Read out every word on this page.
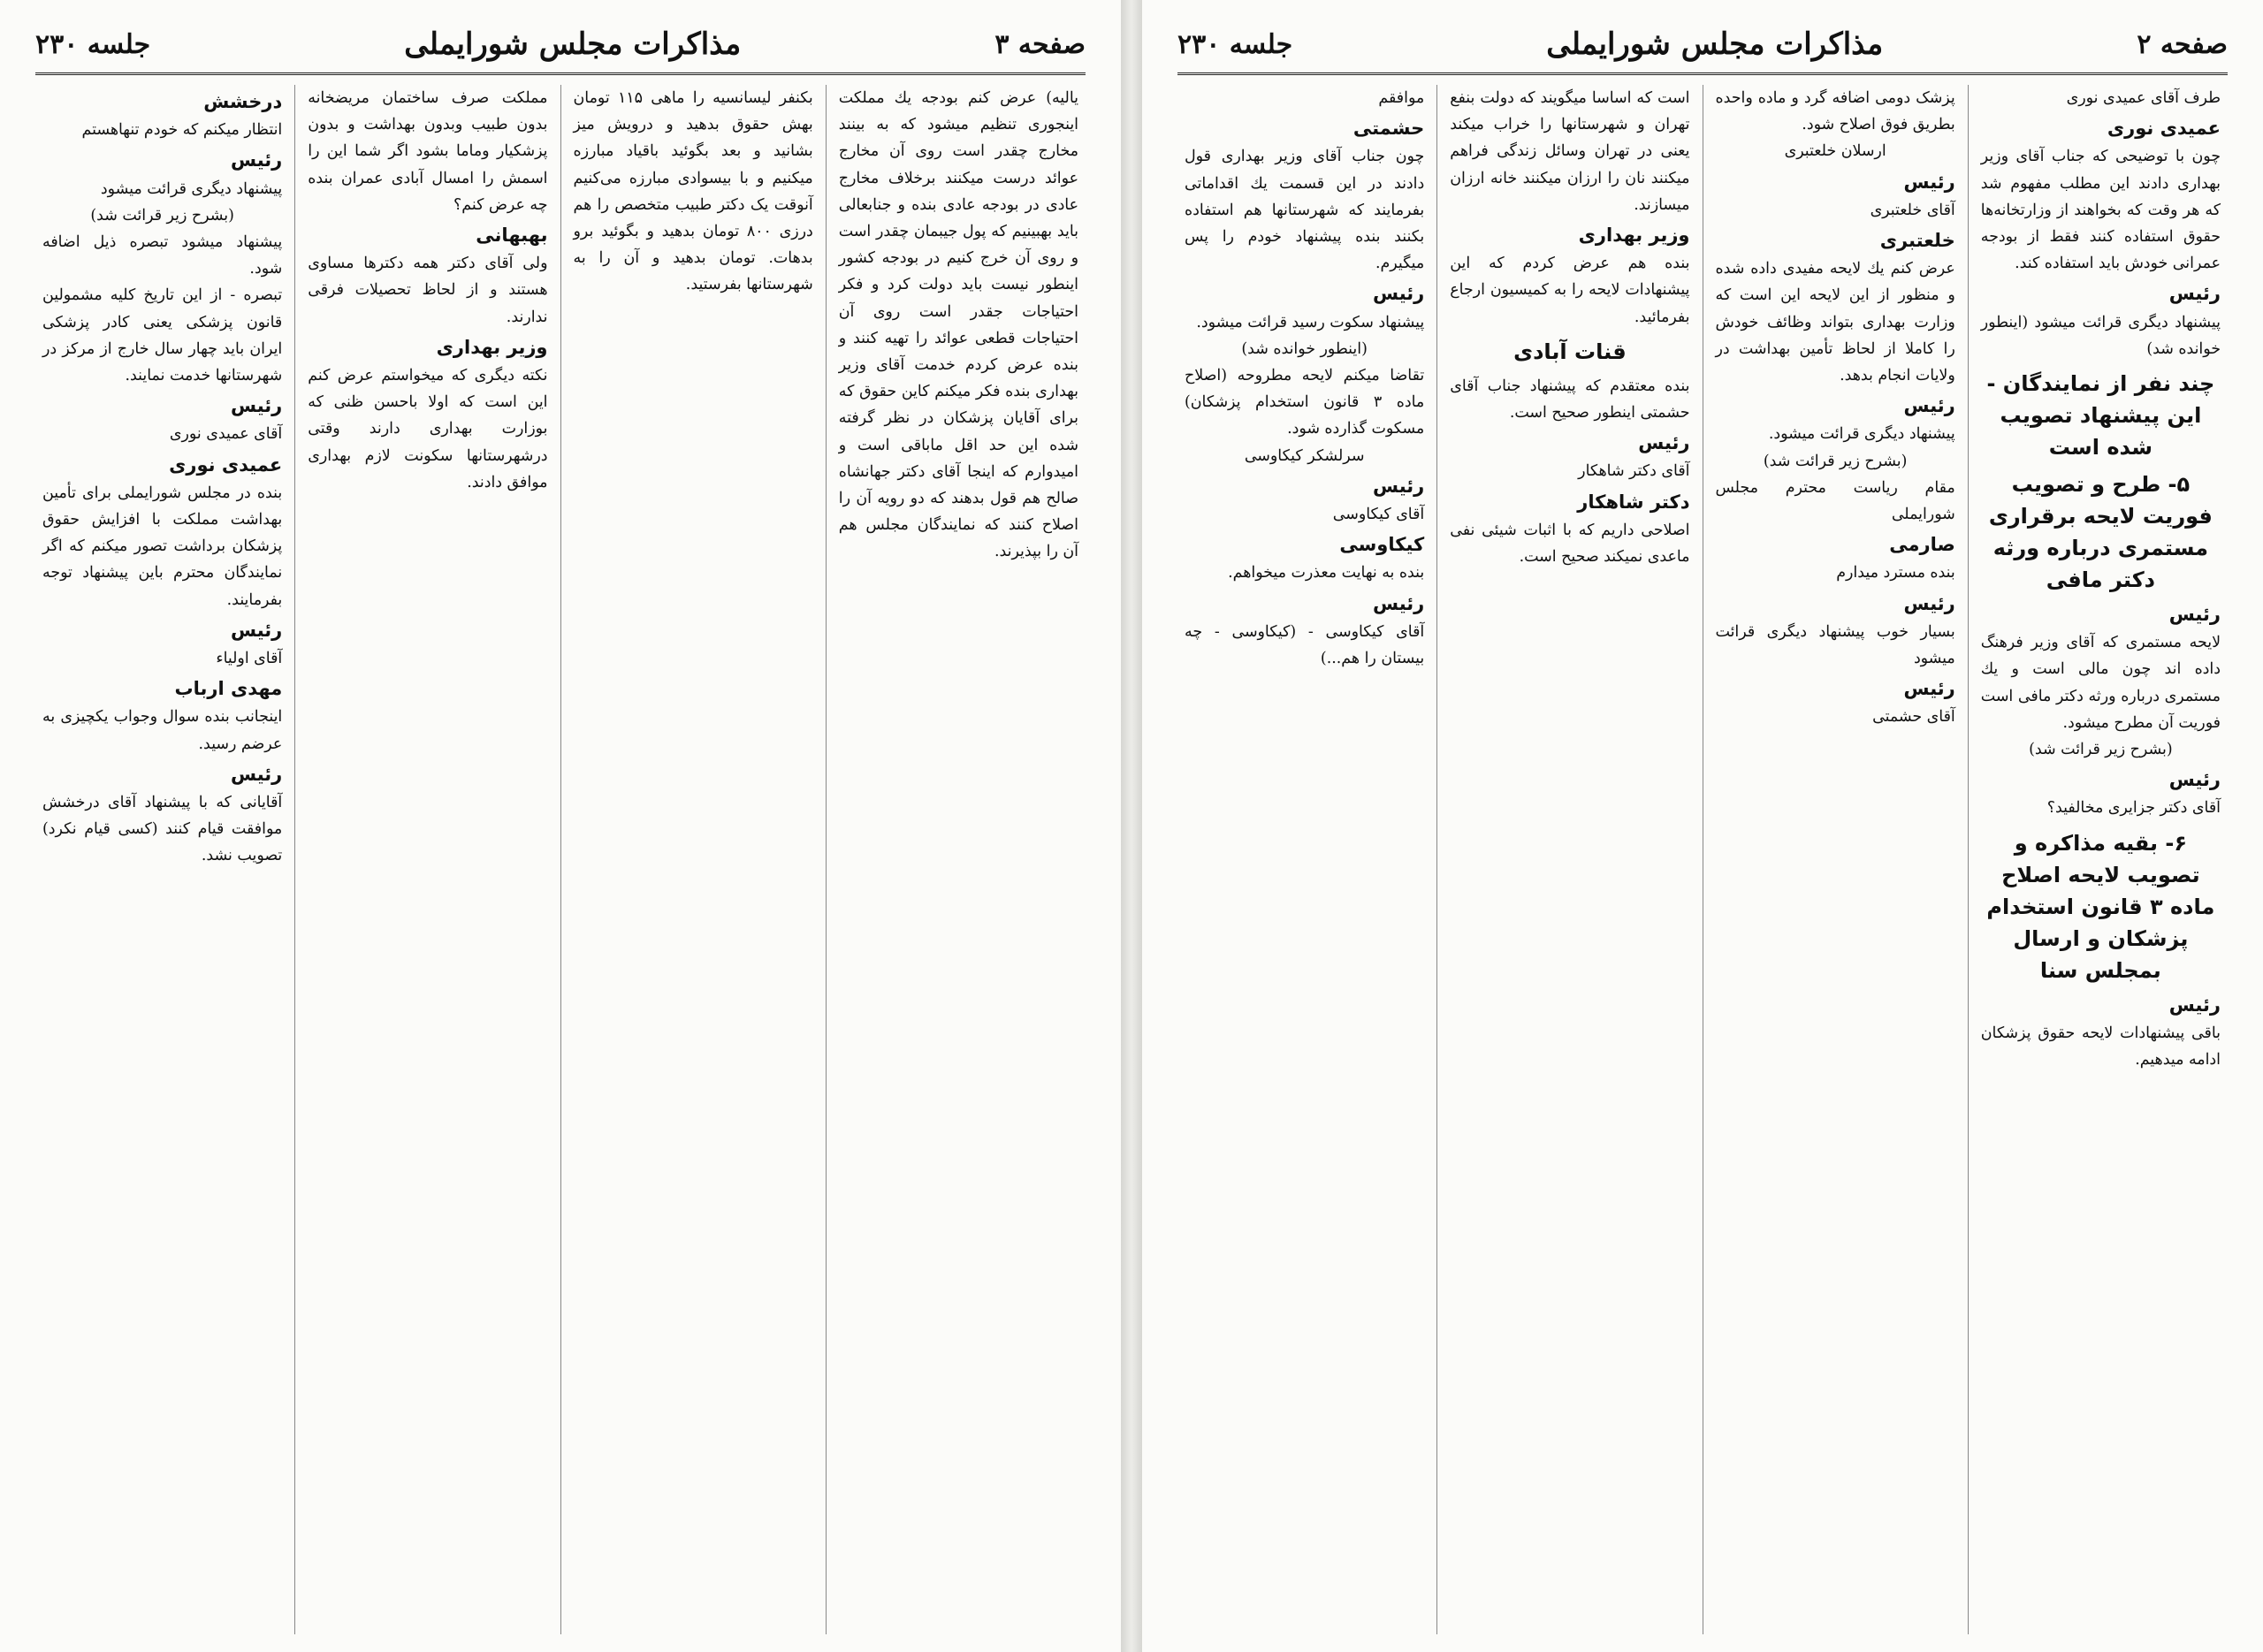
صفحه ۳
مذاکرات مجلس شورایملی
جلسه ۲۳۰

یالیه) عرض کنم بودجه یك مملکت اینجوری تنظیم میشود که به بینند مخارج چقدر است روی آن مخارج عوائد درست میکنند برخلاف مخارج عادی در بودجه عادی بنده و جنابعالی باید بهبینیم که پول جیبمان چقدر است و روی آن خرج کنیم در بودجه کشور اینطور نیست باید دولت کرد و فکر احتیاجات جقدر است روی آن احتیاجات قطعی عوائد را تهیه کنند و بنده عرض کردم خدمت آقای وزیر بهداری بنده فکر میکنم کاین حقوق که برای آقایان پزشکان در نظر گرفته شده این حد اقل ماباقی است و امیدوارم که اینجا آقای دکتر جهانشاه صالح هم قول بدهند که دو رویه آن را اصلاح کنند که نمایندگان مجلس هم آن را بپذیرند.

بکنفر لیسانسیه را ماهی ۱۱۵ تومان بهش حقوق بدهید و درویش میز بشانید و بعد بگوئید باقیاد مبارزه میکنیم و با بیسوادی مبارزه می‌کنیم آنوقت یک دکتر طبیب متخصص را هم درزی ۸۰۰ تومان بدهید و بگوئید برو بدهات. تومان بدهید و آن را به شهرستانها بفرستید.

مملکت صرف ساختمان مریضخانه بدون طبیب وبدون بهداشت و بدون پزشکیار وماما بشود اگر شما این را اسمش را امسال آبادی عمران بنده چه عرض کنم؟

بهبهانی

ولی آقای دکتر همه دکترها مساوی هستند و از لحاظ تحصیلات فرقی ندارند.

وزیر بهداری

نکته دیگری که میخواستم عرض کنم این است که اولا باحسن ظنی که بوزارت بهداری دارند وقتی درشهرستانها سکونت لازم بهداری موافق دادند.

درخشش

انتظار میکنم که خودم تنهاهستم

رئیس

پیشنهاد دیگری قرائت میشود

(بشرح زیر قرائت شد)

پیشنهاد میشود تبصره ذیل اضافه شود.

تبصره - از این تاریخ کلیه مشمولین قانون پزشکی یعنی کادر پزشکی ایران باید چهار سال خارج از مرکز در شهرستانها خدمت نمایند.

رئیس

آقای عمیدی نوری

عمیدی نوری

بنده در مجلس شورایملی برای تأمین بهداشت مملکت با افزایش حقوق پزشکان برداشت تصور میکنم که اگر نمایندگان محترم باین پیشنهاد توجه بفرمایند.

رئیس

آقای اولیاء

مهدی ارباب

اینجانب بنده سوال وجواب یکچیزی به عرضم رسید.

رئیس

آقایانی که با پیشنهاد آقای درخشش موافقت قیام کنند (کسی قیام نکرد) تصویب نشد.

صفحه ۲
مذاکرات مجلس شورایملی
جلسه ۲۳۰

طرف آقای عمیدی نوری

عمیدی نوری

چون با توضیحی که جناب آقای وزیر بهداری دادند این مطلب مفهوم شد که هر وقت که بخواهند از وزارتخانه‌ها حقوق استفاده کنند فقط از بودجه عمرانی خودش باید استفاده کند.

رئیس

پیشنهاد دیگری قرائت میشود (اینطور خوانده شد)

چند نفر از نمایندگان - این پیشنهاد تصویب شده است
۵- طرح و تصویب فوریت لایحه برقراری مستمری درباره ورثه دکتر مافی
رئیس

لایحه مستمری که آقای وزیر فرهنگ داده اند چون مالی است و یك مستمری درباره ورثه دکتر مافی است فوریت آن مطرح میشود.

(بشرح زیر قرائت شد)
رئیس

آقای دکتر جزایری مخالفید؟

۶- بقیه مذاکره و تصویب لایحه اصلاح ماده ۳ قانون استخدام پزشکان و ارسال بمجلس سنا
رئیس

باقی پیشنهادات لایحه حقوق پزشکان ادامه میدهیم.

پزشک دومی اضافه گرد و ماده واحده بطریق فوق اصلاح شود.

ارسلان خلعتبری
رئیس

آقای خلعتبری

خلعتبری

عرض کنم یك لایحه مفیدی داده شده و منظور از این لایحه این است که وزارت بهداری بتواند وظائف خودش را کاملا از لحاظ تأمین بهداشت در ولایات انجام بدهد.

رئیس

پیشنهاد دیگری قرائت میشود.

(بشرح زیر قرائت شد)

مقام ریاست محترم مجلس شورایملی

صارمی

بنده مسترد میدارم

رئیس

بسیار خوب پیشنهاد دیگری قرائت میشود

رئیس

آقای حشمتی

است که اساسا میگویند که دولت بنفع تهران و شهرستانها را خراب میکند یعنی در تهران وسائل زندگی فراهم میکنند نان را ارزان میکنند خانه ارزان میسازند.

وزیر بهداری

بنده هم عرض کردم که این پیشنهادات لایحه را به کمیسیون ارجاع بفرمائید.

قنات آبادی

بنده معتقدم که پیشنهاد جناب آقای حشمتی اینطور صحیح است.

رئیس

آقای دکتر شاهکار

دکتر شاهکار

اصلاحی داریم که با اثبات شیئی نفی ماعدی نمیکند صحیح است.

موافقم

حشمتی

چون جناب آقای وزیر بهداری قول دادند در این قسمت یك اقداماتی بفرمایند که شهرستانها هم استفاده بکنند بنده پیشنهاد خودم را پس میگیرم.

رئیس

پیشنهاد سکوت رسید قرائت میشود.

(اینطور خوانده شد)

تقاضا میکنم لایحه مطروحه (اصلاح ماده ۳ قانون استخدام پزشکان) مسکوت گذارده شود.

سرلشکر کیکاوسی
رئیس

آقای کیکاوسی

کیکاوسی

بنده به نهایت معذرت میخواهم.

رئیس

آقای کیکاوسی - (کیکاوسی - چه بیستان را هم...)
